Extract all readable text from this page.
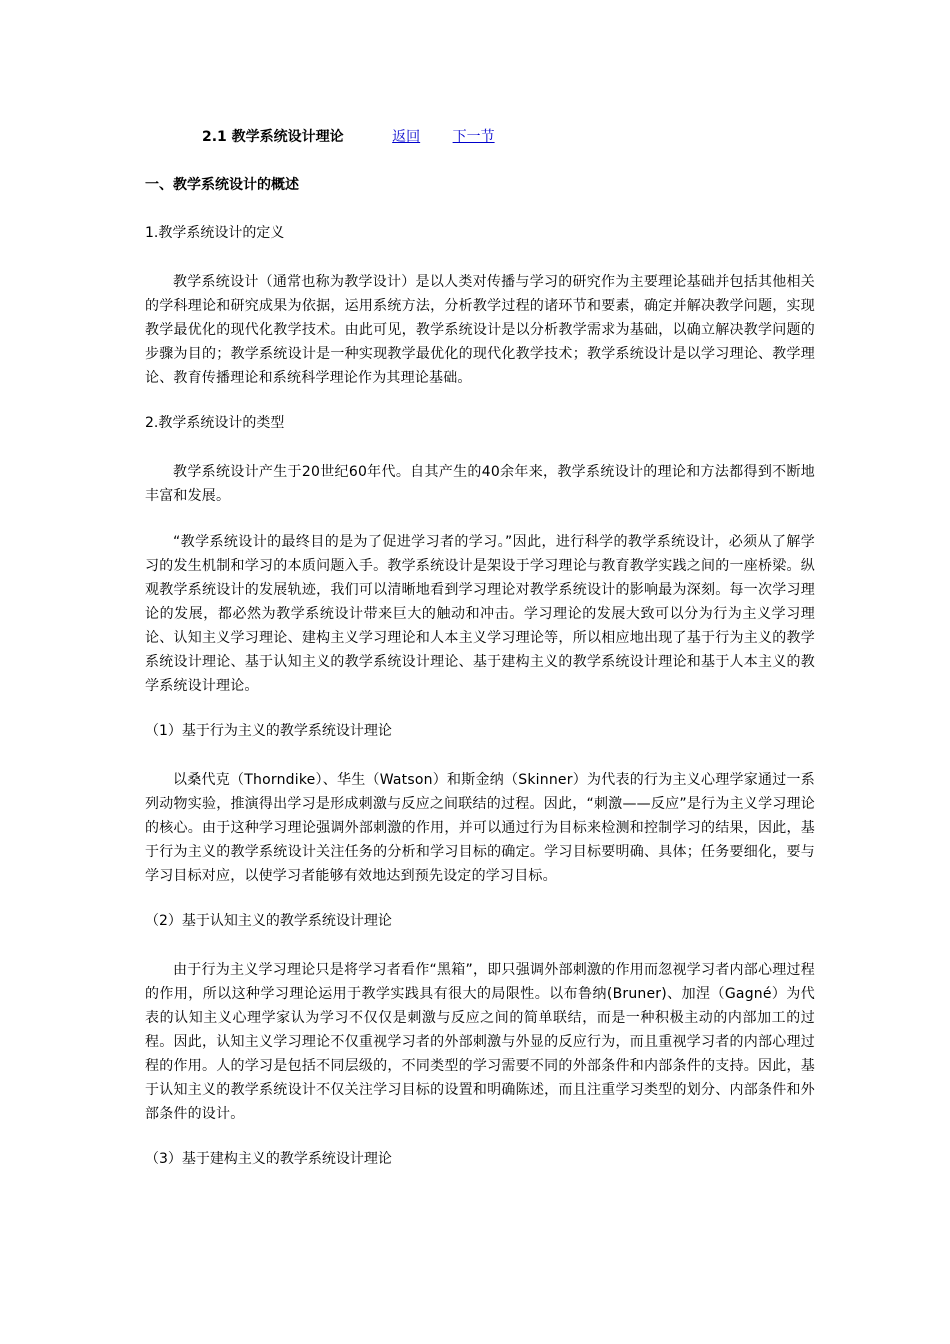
2.1 教学系统设计理论	返回 下一节
一、教学系统设计的概述
1.教学系统设计的定义

教学系统设计（通常也称为教学设计）是以人类对传播与学习的研究作为主要理论基础并包括其他相关的学科理论和研究成果为依据，运用系统方法，分析教学过程的诸环节和要素，确定并解决教学问题，实现教学最优化的现代化教学技术。由此可见，教学系统设计是以分析教学需求为基础，以确立解决教学问题的步骤为目的；教学系统设计是一种实现教学最优化的现代化教学技术；教学系统设计是以学习理论、教学理论、教育传播理论和系统科学理论作为其理论基础。

2.教学系统设计的类型

教学系统设计产生于20世纪60年代。自其产生的40余年来，教学系统设计的理论和方法都得到不断地丰富和发展。

“教学系统设计的最终目的是为了促进学习者的学习。”因此，进行科学的教学系统设计，必须从了解学习的发生机制和学习的本质问题入手。教学系统设计是架设于学习理论与教育教学实践之间的一座桥梁。纵观教学系统设计的发展轨迹，我们可以清晰地看到学习理论对教学系统设计的影响最为深刻。每一次学习理论的发展，都必然为教学系统设计带来巨大的触动和冲击。学习理论的发展大致可以分为行为主义学习理论、认知主义学习理论、建构主义学习理论和人本主义学习理论等，所以相应地出现了基于行为主义的教学系统设计理论、基于认知主义的教学系统设计理论、基于建构主义的教学系统设计理论和基于人本主义的教学系统设计理论。

（1）基于行为主义的教学系统设计理论

以桑代克（Thorndike）、华生（Watson）和斯金纳（Skinner）为代表的行为主义心理学家通过一系列动物实验，推演得出学习是形成刺激与反应之间联结的过程。因此，“刺激——反应”是行为主义学习理论的核心。由于这种学习理论强调外部刺激的作用，并可以通过行为目标来检测和控制学习的结果，因此，基于行为主义的教学系统设计关注任务的分析和学习目标的确定。学习目标要明确、具体；任务要细化，要与学习目标对应，以使学习者能够有效地达到预先设定的学习目标。

（2）基于认知主义的教学系统设计理论

由于行为主义学习理论只是将学习者看作“黑箱”，即只强调外部刺激的作用而忽视学习者内部心理过程的作用，所以这种学习理论运用于教学实践具有很大的局限性。以布鲁纳(Bruner)、加涅（Gagné）为代表的认知主义心理学家认为学习不仅仅是刺激与反应之间的简单联结，而是一种积极主动的内部加工的过程。因此，认知主义学习理论不仅重视学习者的外部刺激与外显的反应行为，而且重视学习者的内部心理过程的作用。人的学习是包括不同层级的，不同类型的学习需要不同的外部条件和内部条件的支持。因此，基于认知主义的教学系统设计不仅关注学习目标的设置和明确陈述，而且注重学习类型的划分、内部条件和外部条件的设计。

（3）基于建构主义的教学系统设计理论
